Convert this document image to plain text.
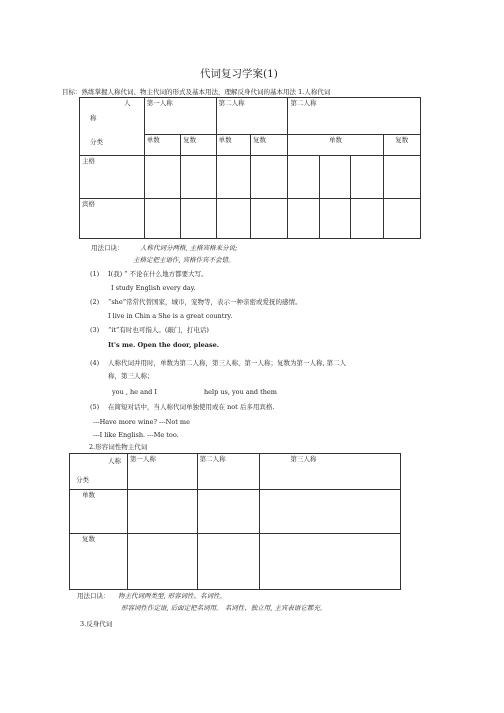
代词复习学案(1)
目标：熟练掌握人称代词、物主代词的形式及基本用法，理解反身代词的基本用法 1.人称代词
人
称
分类	第一人称		第二人称		第二人称			
	单数	复数	单数	复数	单数			复数
主格								
宾格								
用法口诀：	人称代词分两格, 主格宾格来分说;
主格定把主语作, 宾格作宾不会错。
(1) I(我) ” 不论在什么地方都要大写。
I study English every day.
(2) “she”常常代替国家，城市，宠物等，表示一种亲密或爱抚的感情。
I live in Chin a She is a great country.
(3) “it”有时也可指人。(敲门，打电话)
It's me. Open the door, please.
(4) 人称代词并用时，单数为第二人称，第三人称，第一人称；复数为第一人称, 第二人
称，第三人称；
you , he and I	help us, you and them
(5) 在简短对话中，当人称代词单独使用或在 not 后多用宾格.
---Have more wine? ---Not me
---I like English. ---Me too.
2.形容词性物主代词
人称
分类	第一人称	第二人称	第三人称
单数			
复数			
用法口诀： 物主代词两类型, 形容词性、名词性。
形容词性作定语, 后面定把名词用。 名词性、独立用, 主宾表语它都充。
3.反身代词
